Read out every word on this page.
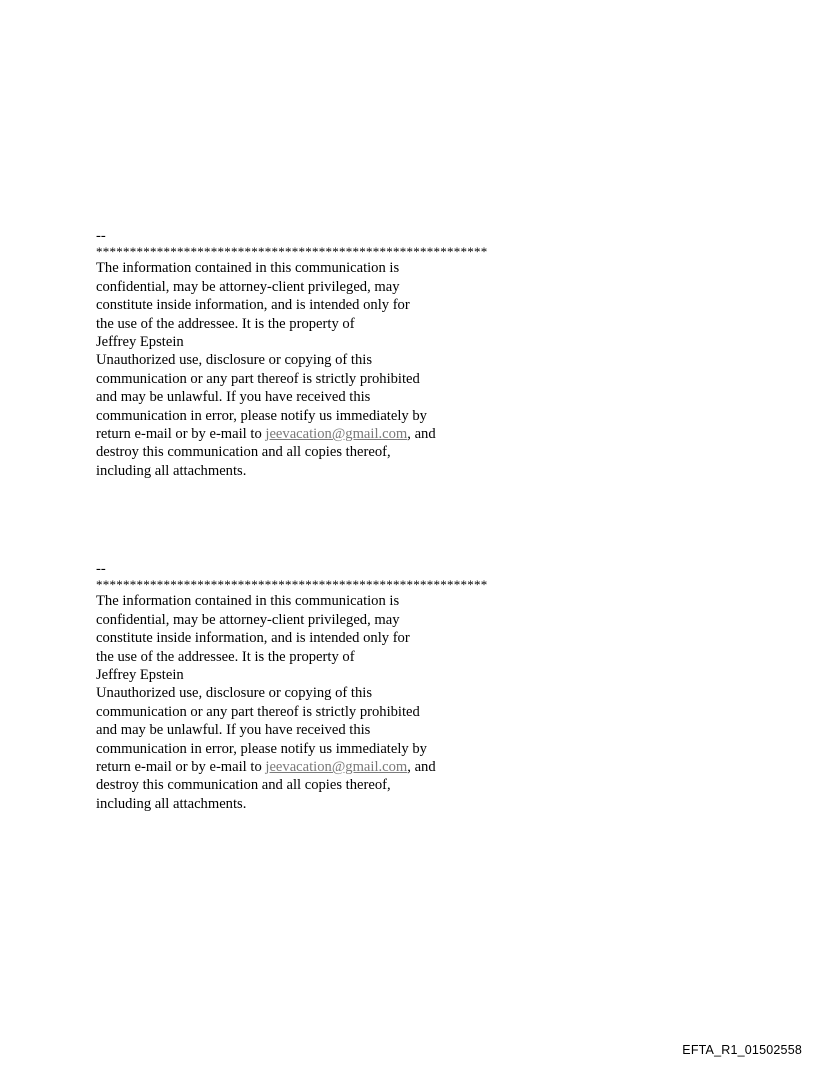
--
**********************************************************
The information contained in this communication is
confidential, may be attorney-client privileged, may
constitute inside information, and is intended only for
the use of the addressee. It is the property of
Jeffrey Epstein
Unauthorized use, disclosure or copying of this
communication or any part thereof is strictly prohibited
and may be unlawful. If you have received this
communication in error, please notify us immediately by
return e-mail or by e-mail to jeevacation@gmail.com, and
destroy this communication and all copies thereof,
including all attachments.
--
**********************************************************
The information contained in this communication is
confidential, may be attorney-client privileged, may
constitute inside information, and is intended only for
the use of the addressee. It is the property of
Jeffrey Epstein
Unauthorized use, disclosure or copying of this
communication or any part thereof is strictly prohibited
and may be unlawful. If you have received this
communication in error, please notify us immediately by
return e-mail or by e-mail to jeevacation@gmail.com, and
destroy this communication and all copies thereof,
including all attachments.
EFTA_R1_01502558
